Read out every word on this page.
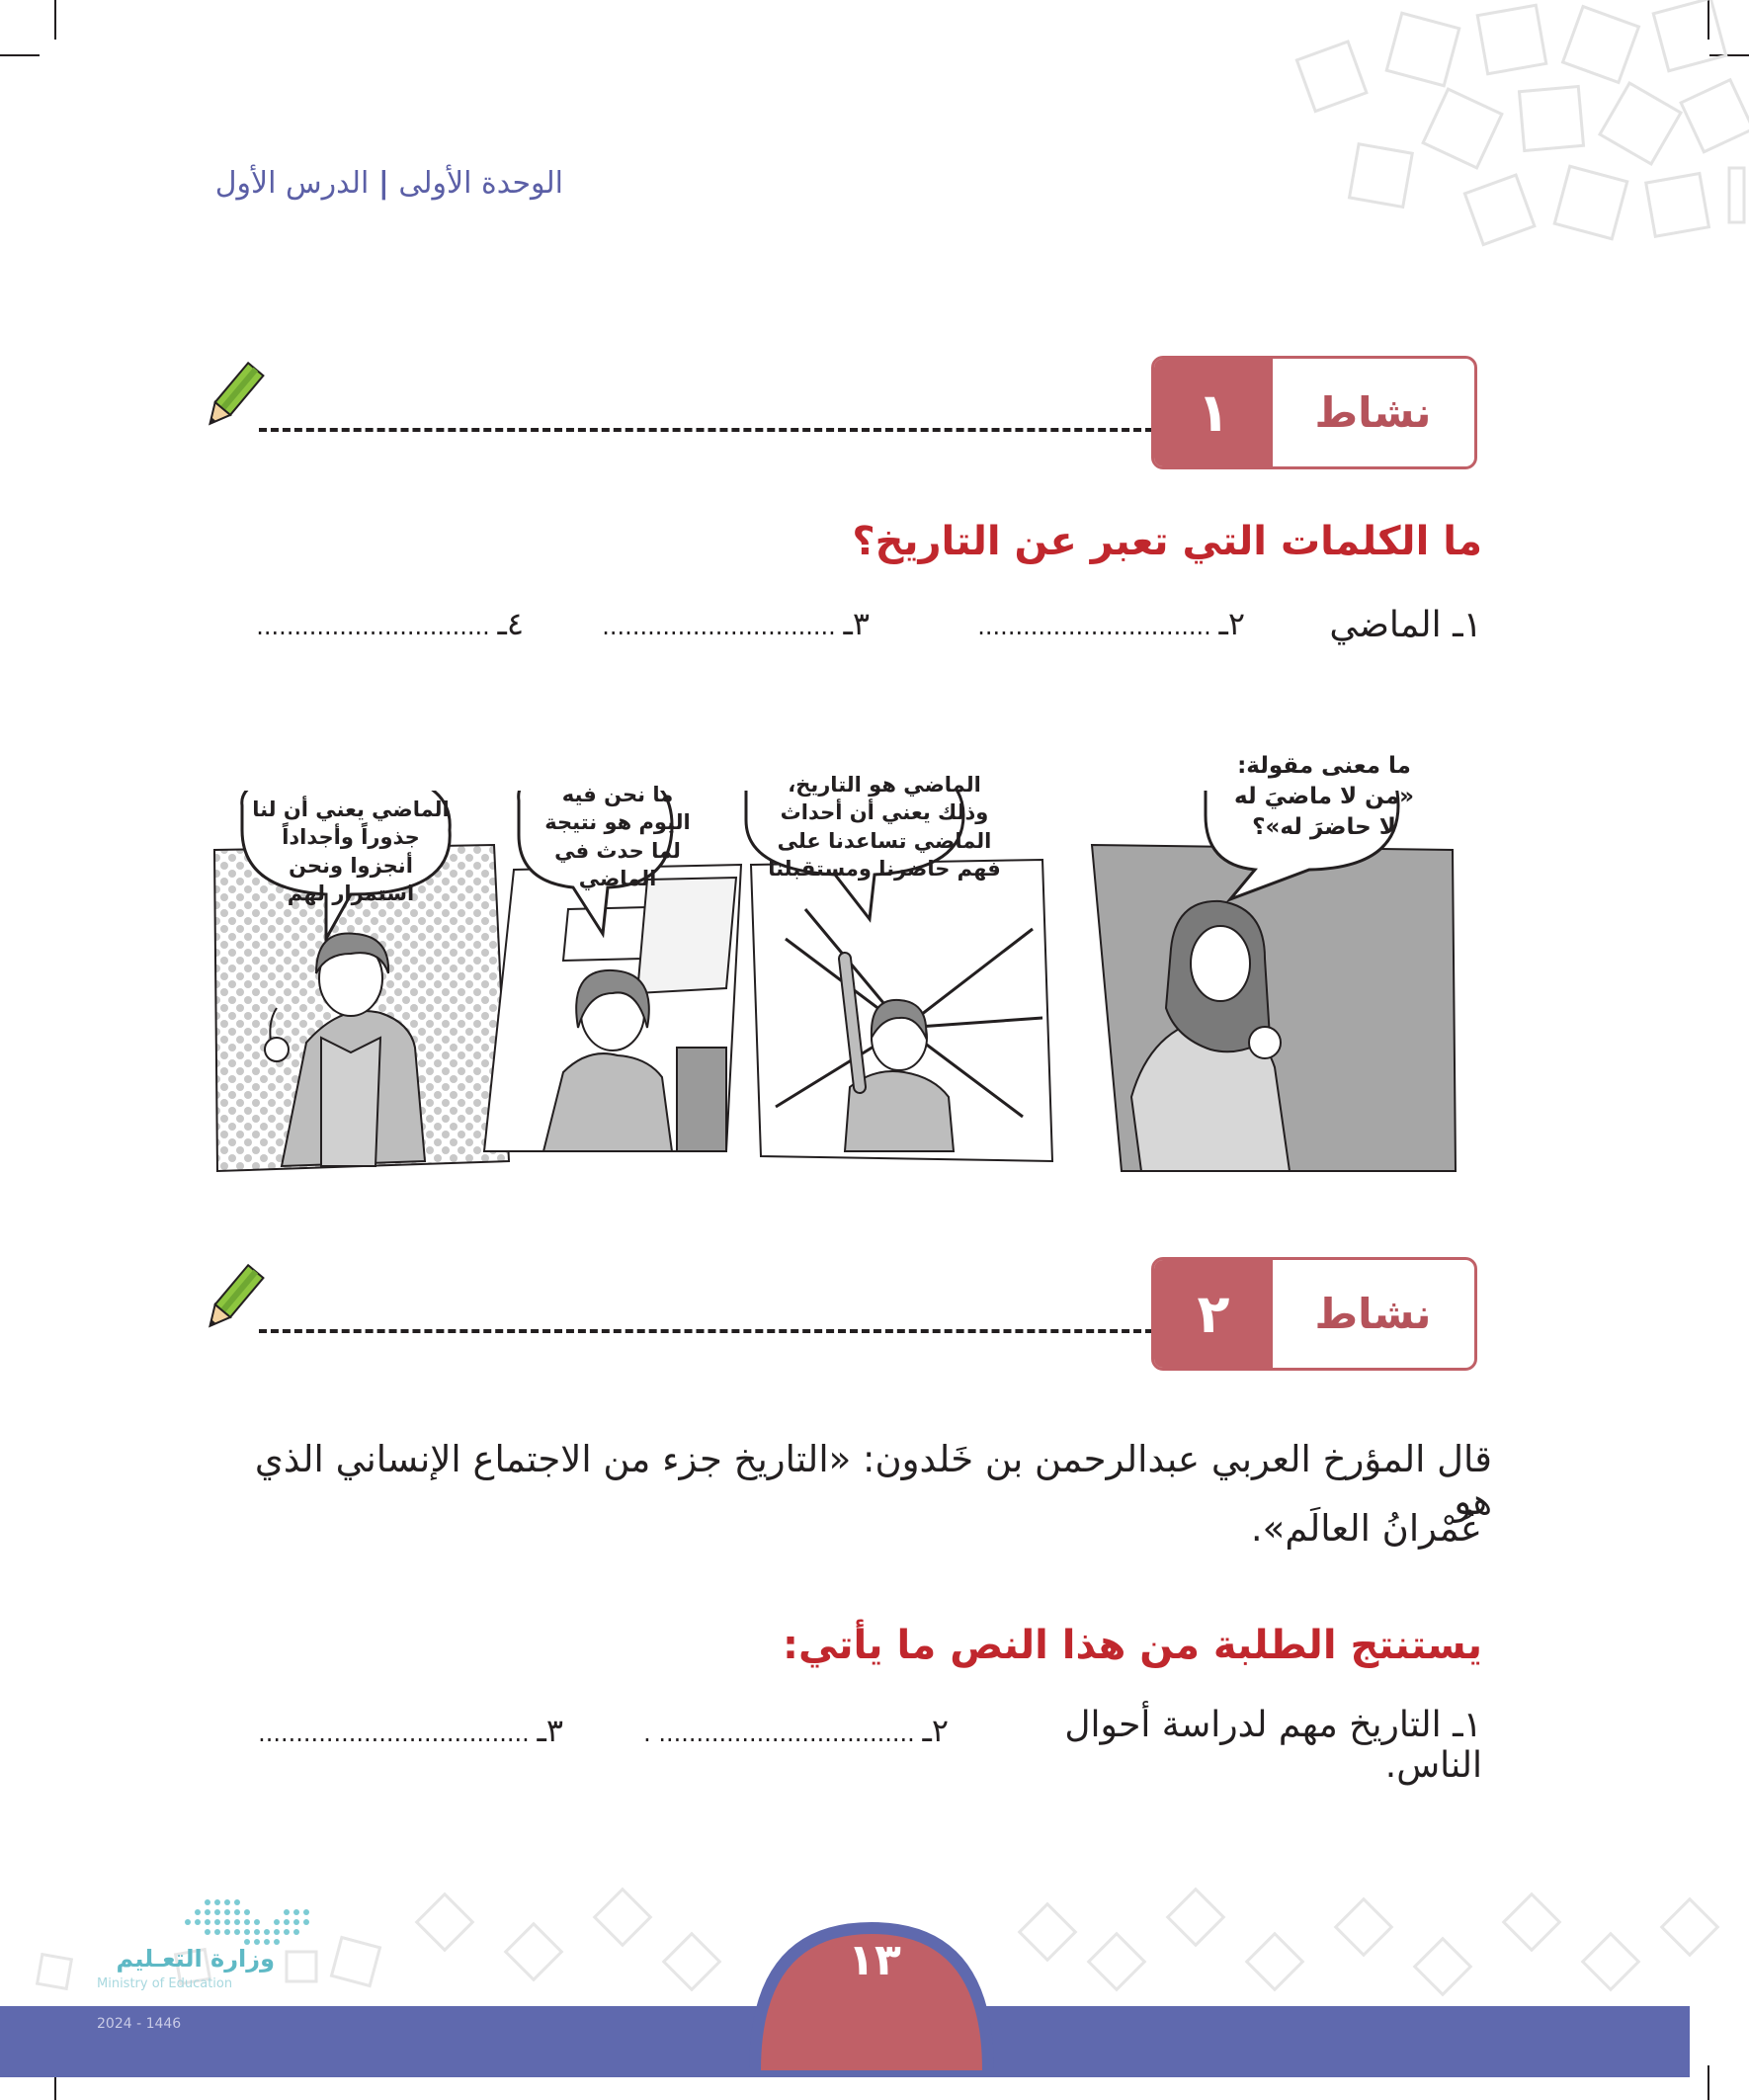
الوحدة الأولى | الدرس الأول
١	نشاط
ما الكلمات التي تعبر عن التاريخ؟
١ـ الماضي
٢ـ ...............................
٣ـ ...............................
٤ـ ...............................
ما معنى مقولة: «من لا ماضيَ له لا حاضرَ له»؟
الماضي هو التاريخ، وذلك يعني أن أحداث الماضي تساعدنا على فهم حاضرنا ومستقبلنا
ما نحن فيه اليوم هو نتيجة لما حدث في الماضي
الماضي يعني أن لنا جذوراً وأجداداً أنجزوا ونحن استمرار لهم
٢	نشاط
قال المؤرخ العربي عبدالرحمن بن خَلدون: «التاريخ جزء من الاجتماع الإنساني الذي هو
عُمْرانُ العالَم».
يستنتج الطلبة من هذا النص ما يأتي:
١ـ التاريخ مهم لدراسة أحوال الناس.
٢ـ .................................. .
٣ـ ....................................
وزارة التعـليم
Ministry of Education	١٣
2024 - 1446
